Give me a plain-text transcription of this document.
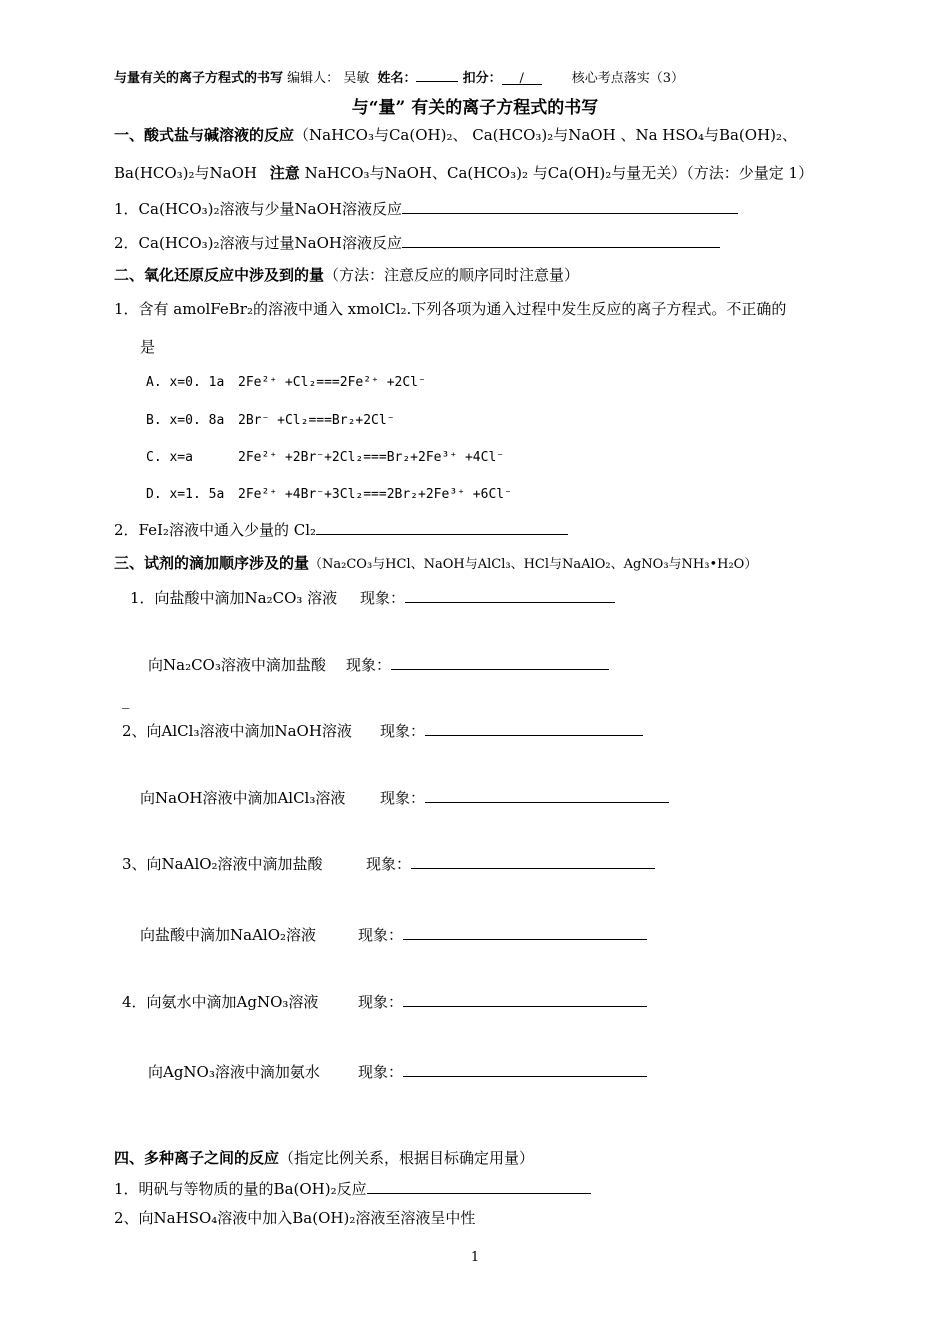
与量有关的离子方程式的书写 编辑人： 吴敏 姓名：	扣分： /	核心考点落实（3）
与“量” 有关的离子方程式的书写
一、酸式盐与碱溶液的反应（NaHCO₃与Ca(OH)₂、 Ca(HCO₃)₂与NaOH 、Na HSO₄与Ba(OH)₂、
Ba(HCO₃)₂与NaOH 注意 NaHCO₃与NaOH、Ca(HCO₃)₂ 与Ca(OH)₂与量无关）（方法：少量定 1）
1．Ca(HCO₃)₂溶液与少量NaOH溶液反应
2．Ca(HCO₃)₂溶液与过量NaOH溶液反应
二、氧化还原反应中涉及到的量（方法：注意反应的顺序同时注意量）
1．含有 amolFeBr₂的溶液中通入 xmolCl₂.下列各项为通入过程中发生反应的离子方程式。不正确的
是
A. x=0. 1a 2Fe²⁺ +Cl₂===2Fe²⁺ +2Cl⁻
B. x=0. 8a 2Br⁻ +Cl₂===Br₂+2Cl⁻
C. x=a	2Fe²⁺ +2Br⁻+2Cl₂===Br₂+2Fe³⁺ +4Cl⁻
D. x=1. 5a 2Fe²⁺ +4Br⁻+3Cl₂===2Br₂+2Fe³⁺ +6Cl⁻
2．FeI₂溶液中通入少量的 Cl₂
三、试剂的滴加顺序涉及的量（Na₂CO₃与HCl、NaOH与AlCl₃、HCl与NaAlO₂、AgNO₃与NH₃•H₂O）
1．向盐酸中滴加Na₂CO₃ 溶液 现象：
向Na₂CO₃溶液中滴加盐酸 现象：
_
2、向AlCl₃溶液中滴加NaOH溶液 现象：
向NaOH溶液中滴加AlCl₃溶液 现象：
3、向NaAlO₂溶液中滴加盐酸	现象：
向盐酸中滴加NaAlO₂溶液	现象：
4．向氨水中滴加AgNO₃溶液	现象：
向AgNO₃溶液中滴加氨水	现象：
四、多种离子之间的反应（指定比例关系，根据目标确定用量）
1．明矾与等物质的量的Ba(OH)₂反应
2、向NaHSO₄溶液中加入Ba(OH)₂溶液至溶液呈中性
1
